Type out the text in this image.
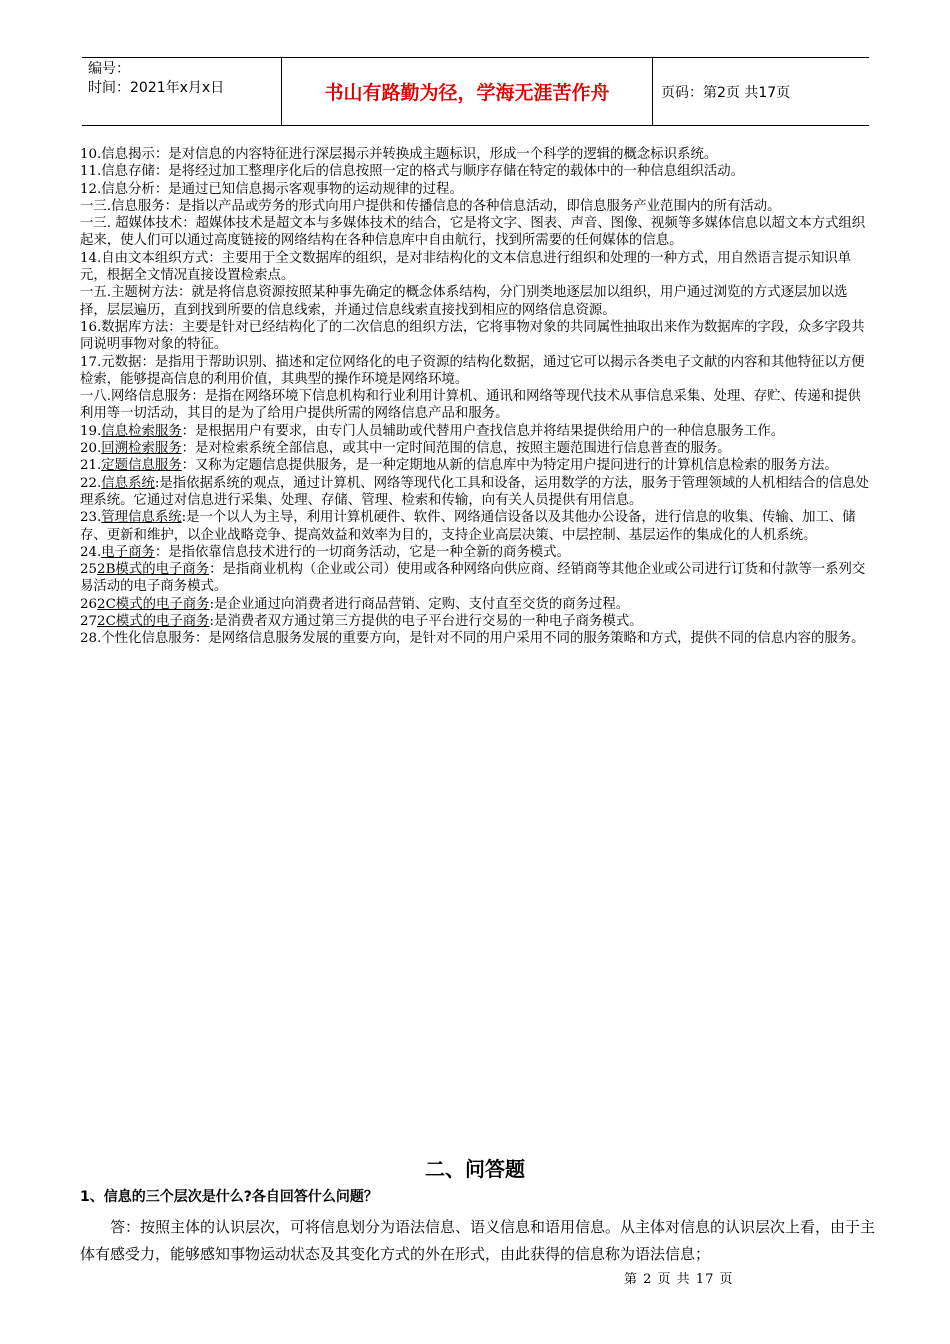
编号：
时间：2021年x月x日	书山有路勤为径，学海无涯苦作舟	页码：第2页 共17页

10.信息揭示：是对信息的内容特征进行深层揭示并转换成主题标识，形成一个科学的逻辑的概念标识系统。

11.信息存储：是将经过加工整理序化后的信息按照一定的格式与顺序存储在特定的载体中的一种信息组织活动。

12.信息分析：是通过已知信息揭示客观事物的运动规律的过程。

一三.信息服务：是指以产品或劳务的形式向用户提供和传播信息的各种信息活动，即信息服务产业范围内的所有活动。

一三. 超媒体技术：超媒体技术是超文本与多媒体技术的结合，它是将文字、图表、声音、图像、视频等多媒体信息以超文本方式组织起来，使人们可以通过高度链接的网络结构在各种信息库中自由航行，找到所需要的任何媒体的信息。

14.自由文本组织方式：主要用于全文数据库的组织，是对非结构化的文本信息进行组织和处理的一种方式，用自然语言提示知识单元，根据全文情况直接设置检索点。

一五.主题树方法：就是将信息资源按照某种事先确定的概念体系结构，分门别类地逐层加以组织，用户通过浏览的方式逐层加以选择，层层遍历，直到找到所要的信息线索，并通过信息线索直接找到相应的网络信息资源。

16.数据库方法：主要是针对已经结构化了的二次信息的组织方法，它将事物对象的共同属性抽取出来作为数据库的字段，众多字段共同说明事物对象的特征。

17.元数据：是指用于帮助识别、描述和定位网络化的电子资源的结构化数据，通过它可以揭示各类电子文献的内容和其他特征以方便检索，能够提高信息的利用价值，其典型的操作环境是网络环境。

一八.网络信息服务：是指在网络环境下信息机构和行业利用计算机、通讯和网络等现代技术从事信息采集、处理、存贮、传递和提供利用等一切活动，其目的是为了给用户提供所需的网络信息产品和服务。

19.信息检索服务：是根据用户有要求，由专门人员辅助或代替用户查找信息并将结果提供给用户的一种信息服务工作。

20.回溯检索服务：是对检索系统全部信息，或其中一定时间范围的信息，按照主题范围进行信息普查的服务。

21.定题信息服务：又称为定题信息提供服务，是一种定期地从新的信息库中为特定用户提问进行的计算机信息检索的服务方法。

22.信息系统:是指依据系统的观点，通过计算机、网络等现代化工具和设备，运用数学的方法，服务于管理领域的人机相结合的信息处理系统。它通过对信息进行采集、处理、存储、管理、检索和传输，向有关人员提供有用信息。

23.管理信息系统:是一个以人为主导，利用计算机硬件、软件、网络通信设备以及其他办公设备，进行信息的收集、传输、加工、储存、更新和维护，以企业战略竞争、提高效益和效率为目的，支持企业高层决策、中层控制、基层运作的集成化的人机系统。

24.电子商务：是指依靠信息技术进行的一切商务活动，它是一种全新的商务模式。

252B模式的电子商务：是指商业机构（企业或公司）使用或各种网络向供应商、经销商等其他企业或公司进行订货和付款等一系列交易活动的电子商务模式。

262C模式的电子商务:是企业通过向消费者进行商品营销、定购、支付直至交货的商务过程。

272C模式的电子商务:是消费者双方通过第三方提供的电子平台进行交易的一种电子商务模式。

28.个性化信息服务：是网络信息服务发展的重要方向，是针对不同的用户采用不同的服务策略和方式，提供不同的信息内容的服务。

二、问答题
1、信息的三个层次是什么?各自回答什么问题？

答：按照主体的认识层次，可将信息划分为语法信息、语义信息和语用信息。从主体对信息的认识层次上看，由于主体有感受力，能够感知事物运动状态及其变化方式的外在形式，由此获得的信息称为语法信息；

第 2 页 共 17 页
